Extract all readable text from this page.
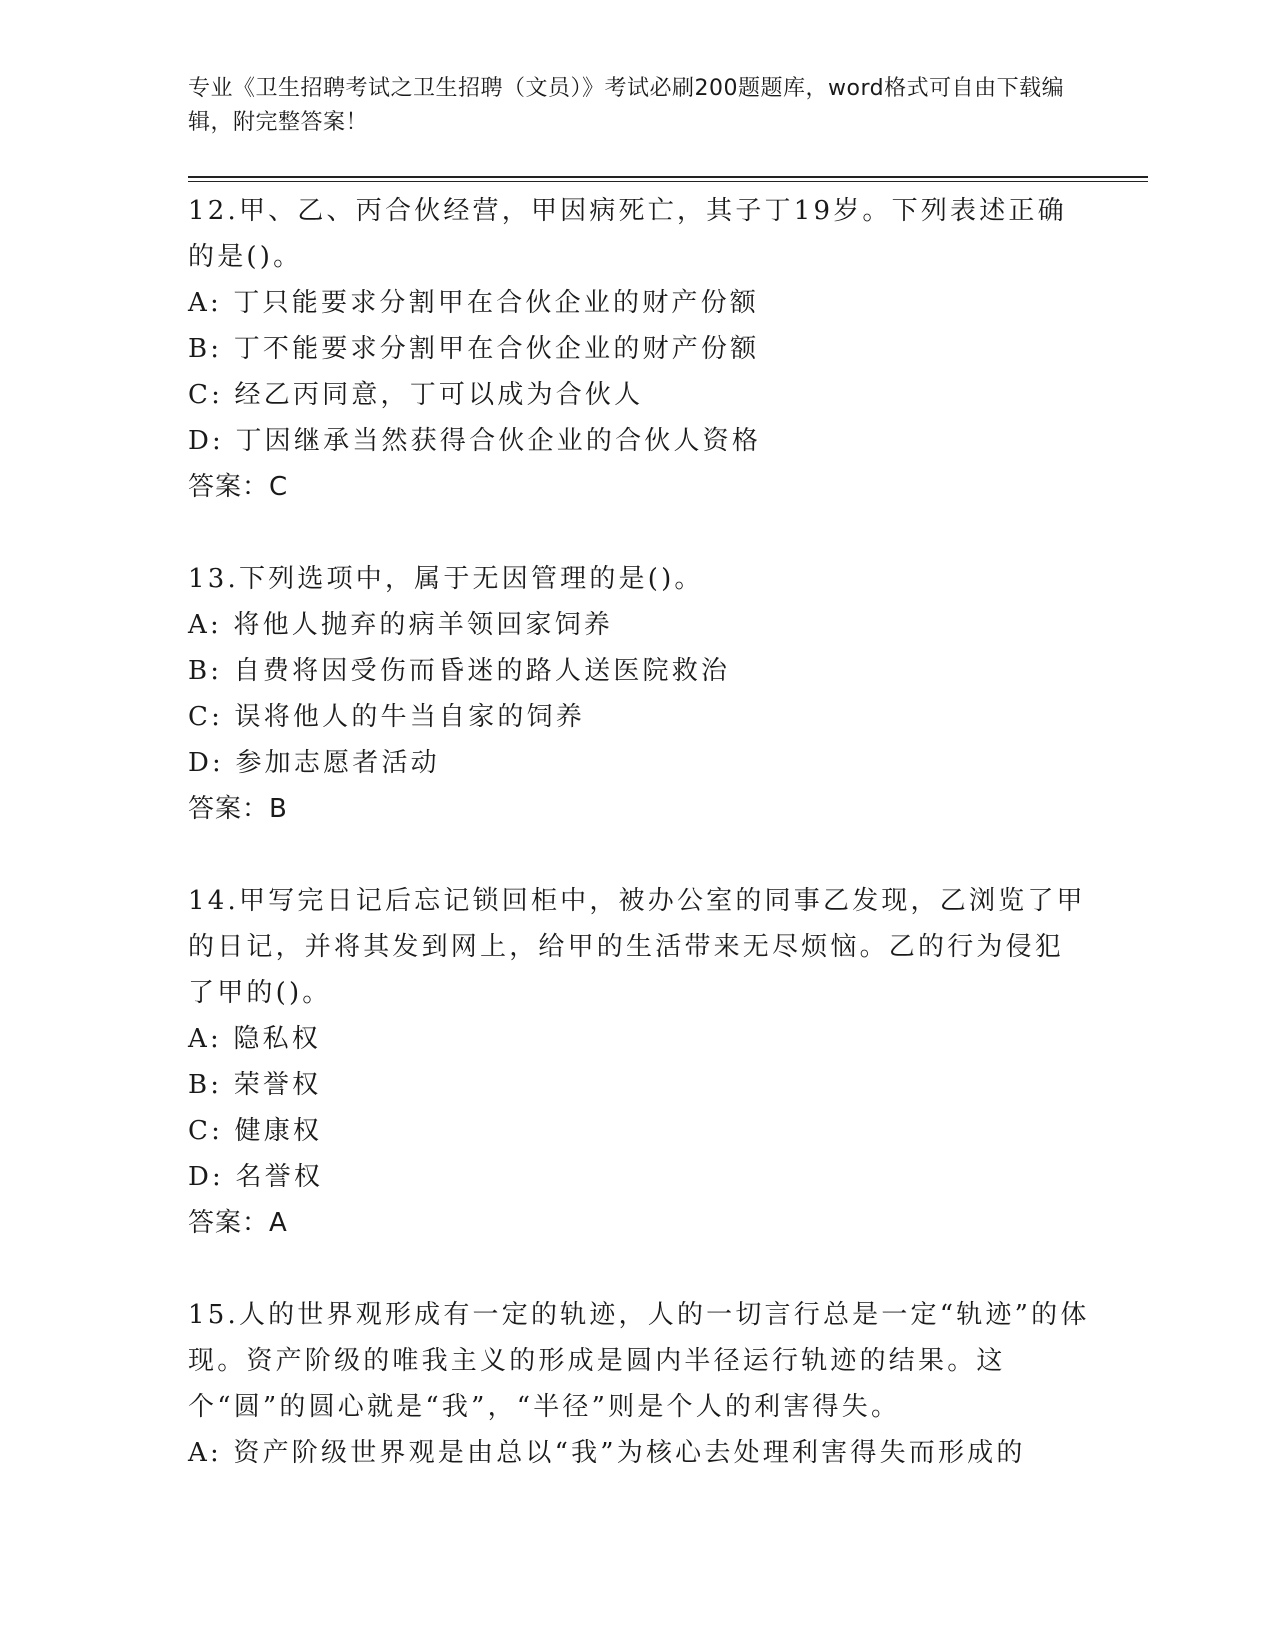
专业《卫生招聘考试之卫生招聘（文员）》考试必刷200题题库，word格式可自由下载编辑，附完整答案！
12.甲、乙、丙合伙经营，甲因病死亡，其子丁19岁。下列表述正确的是()。
A: 丁只能要求分割甲在合伙企业的财产份额
B: 丁不能要求分割甲在合伙企业的财产份额
C: 经乙丙同意，丁可以成为合伙人
D: 丁因继承当然获得合伙企业的合伙人资格
答案：C
13.下列选项中，属于无因管理的是()。
A: 将他人抛弃的病羊领回家饲养
B: 自费将因受伤而昏迷的路人送医院救治
C: 误将他人的牛当自家的饲养
D: 参加志愿者活动
答案：B
14.甲写完日记后忘记锁回柜中，被办公室的同事乙发现，乙浏览了甲的日记，并将其发到网上，给甲的生活带来无尽烦恼。乙的行为侵犯了甲的()。
A: 隐私权
B: 荣誉权
C: 健康权
D: 名誉权
答案：A
15.人的世界观形成有一定的轨迹，人的一切言行总是一定“轨迹”的体现。资产阶级的唯我主义的形成是圆内半径运行轨迹的结果。这个“圆”的圆心就是“我”，“半径”则是个人的利害得失。
A: 资产阶级世界观是由总以“我”为核心去处理利害得失而形成的
